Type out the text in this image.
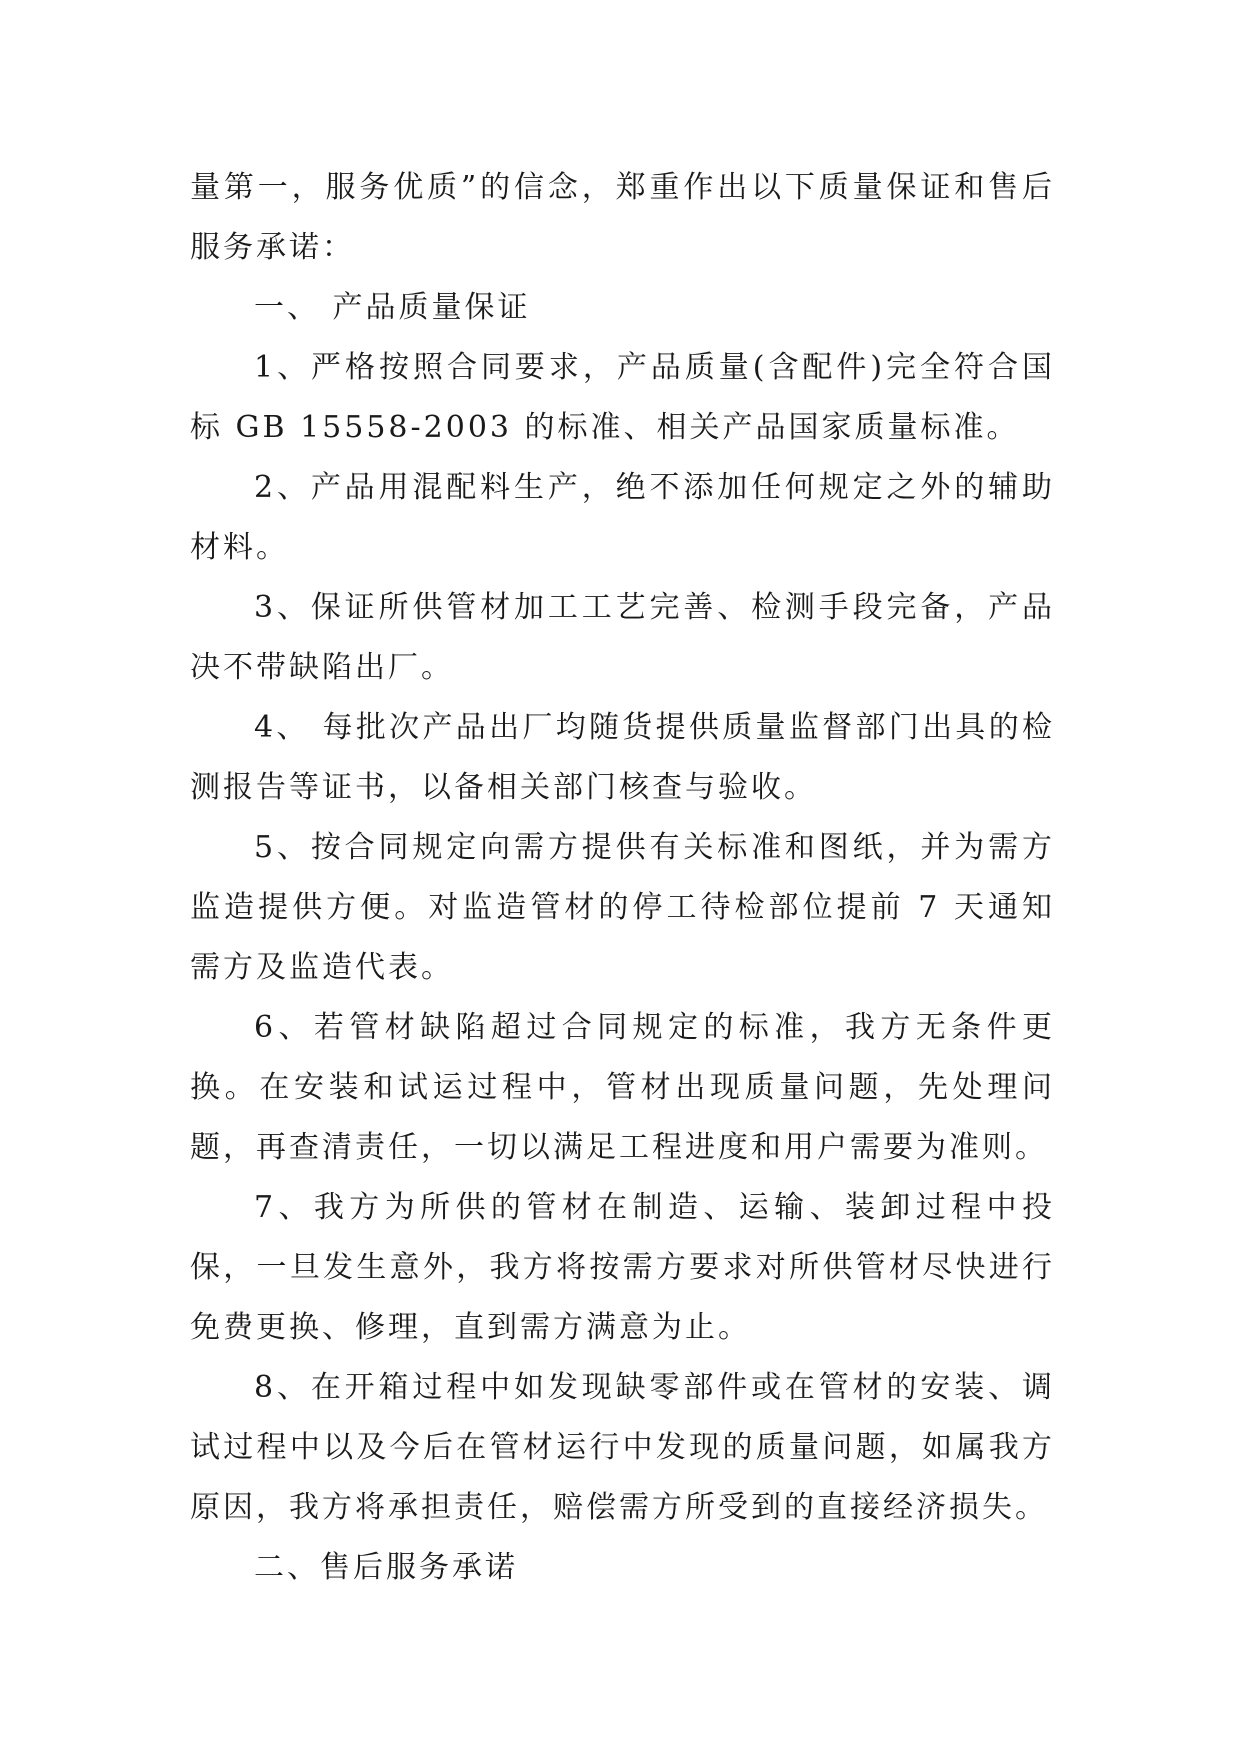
量第一，服务优质”的信念，郑重作出以下质量保证和售后服务承诺：

一、 产品质量保证

1、严格按照合同要求，产品质量(含配件)完全符合国标 GB 15558-2003 的标准、相关产品国家质量标准。

2、产品用混配料生产，绝不添加任何规定之外的辅助材料。

3、保证所供管材加工工艺完善、检测手段完备，产品决不带缺陷出厂。

4、 每批次产品出厂均随货提供质量监督部门出具的检测报告等证书，以备相关部门核查与验收。

5、按合同规定向需方提供有关标准和图纸，并为需方监造提供方便。对监造管材的停工待检部位提前 7 天通知需方及监造代表。

6、若管材缺陷超过合同规定的标准，我方无条件更换。在安装和试运过程中，管材出现质量问题，先处理问题，再查清责任，一切以满足工程进度和用户需要为准则。

7、我方为所供的管材在制造、运输、装卸过程中投保，一旦发生意外，我方将按需方要求对所供管材尽快进行免费更换、修理，直到需方满意为止。

8、在开箱过程中如发现缺零部件或在管材的安装、调试过程中以及今后在管材运行中发现的质量问题，如属我方原因，我方将承担责任，赔偿需方所受到的直接经济损失。

二、售后服务承诺
